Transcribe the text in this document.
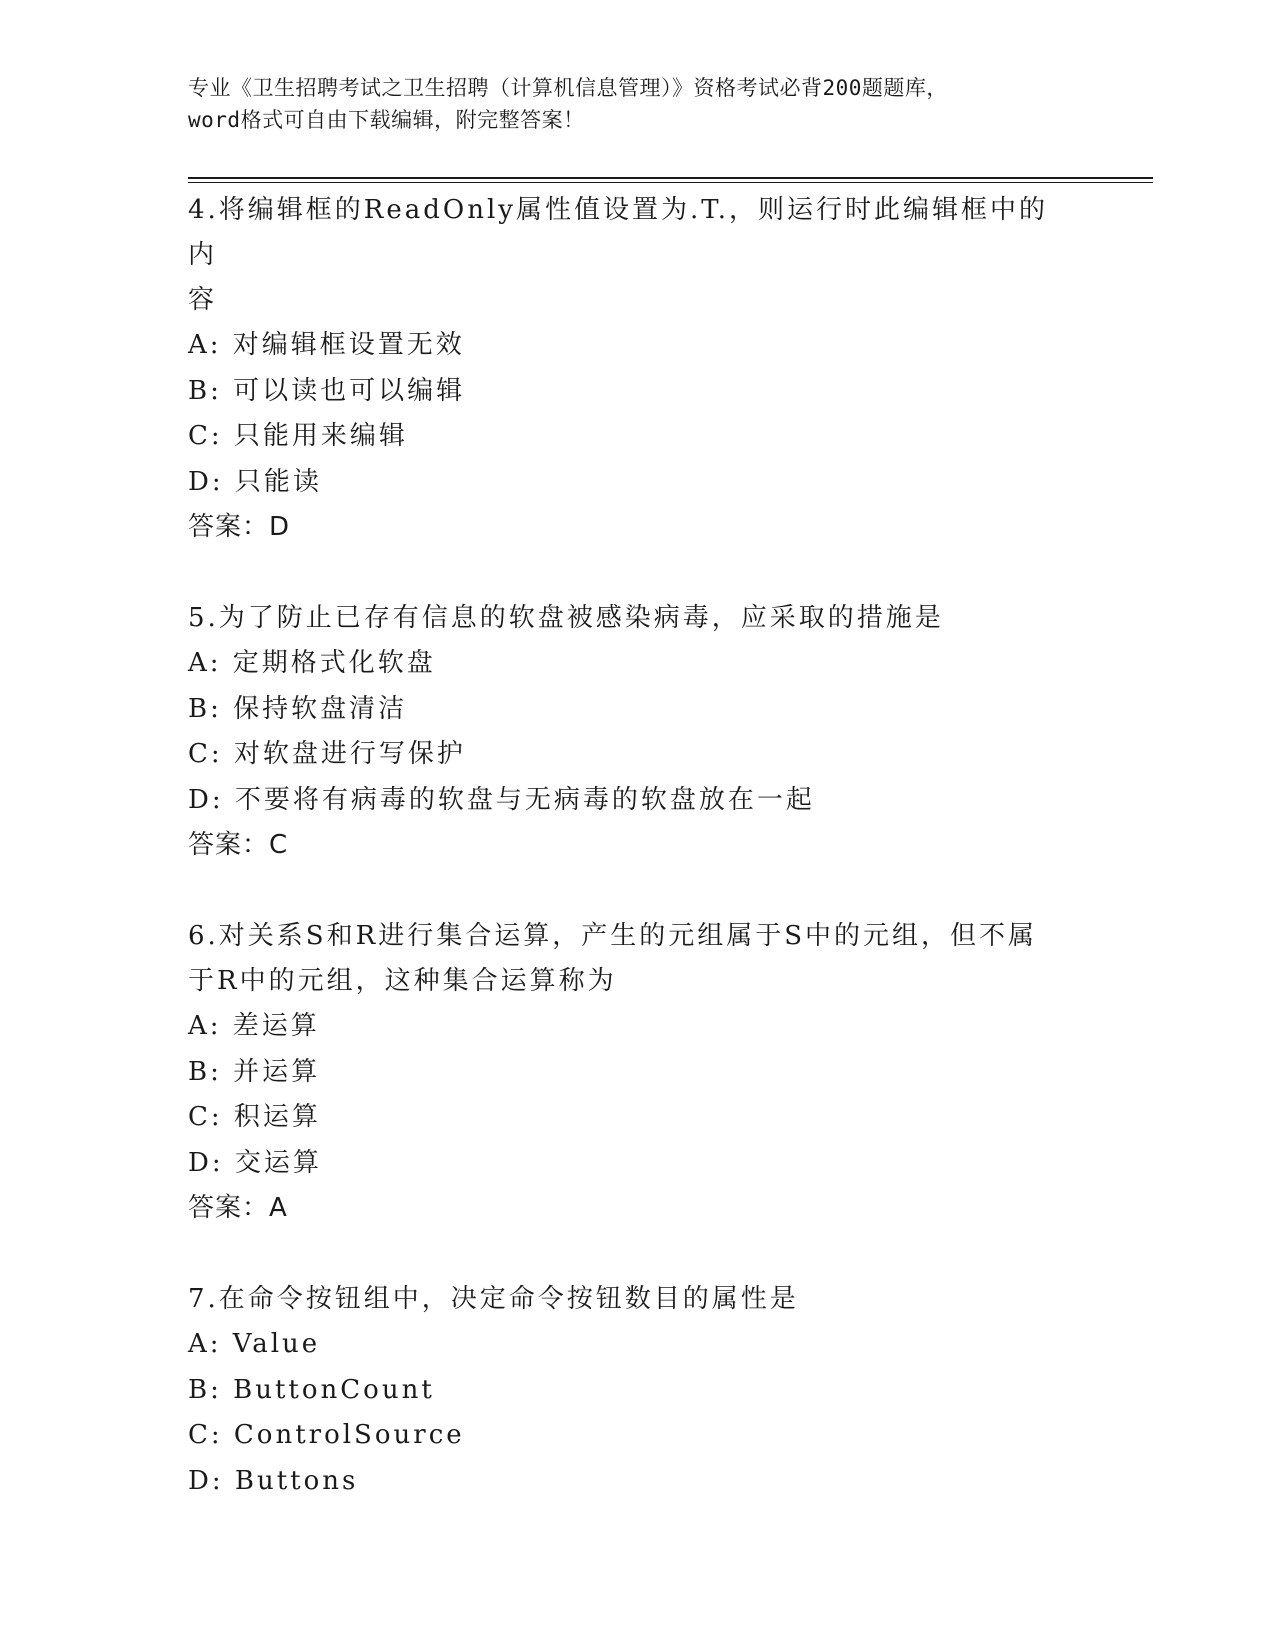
专业《卫生招聘考试之卫生招聘（计算机信息管理）》资格考试必背200题题库，
word格式可自由下载编辑，附完整答案！

4.将编辑框的ReadOnly属性值设置为.T.，则运行时此编辑框中的内

容

A: 对编辑框设置无效

B: 可以读也可以编辑

C: 只能用来编辑

D: 只能读

答案：D

5.为了防止已存有信息的软盘被感染病毒，应采取的措施是

A: 定期格式化软盘

B: 保持软盘清洁

C: 对软盘进行写保护

D: 不要将有病毒的软盘与无病毒的软盘放在一起

答案：C

6.对关系S和R进行集合运算，产生的元组属于S中的元组，但不属

于R中的元组，这种集合运算称为

A: 差运算

B: 并运算

C: 积运算

D: 交运算

答案：A

7.在命令按钮组中，决定命令按钮数目的属性是

A: Value

B: ButtonCount

C: ControlSource

D: Buttons
